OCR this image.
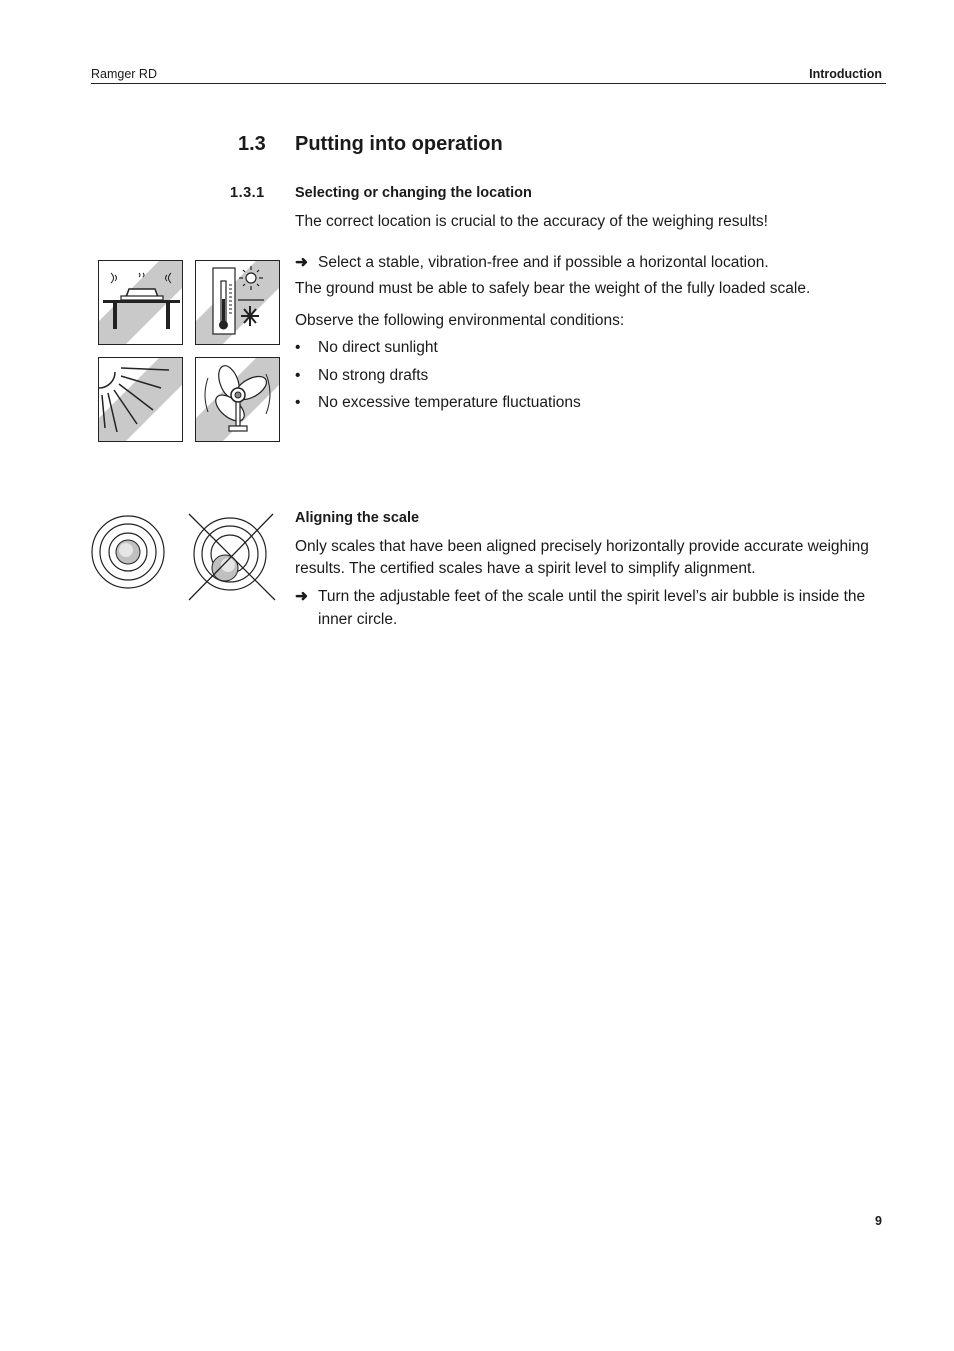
Ramger RD	Introduction
1.3 Putting into operation
1.3.1 Selecting or changing the location
The correct location is crucial to the accuracy of the weighing results!
➜ Select a stable, vibration-free and if possible a horizontal location.
The ground must be able to safely bear the weight of the fully loaded scale.
Observe the following environmental conditions:
• No direct sunlight
• No strong drafts
• No excessive temperature fluctuations
Aligning the scale
Only scales that have been aligned precisely horizontally provide accurate weighing results. The certified scales have a spirit level to simplify alignment.
➜ Turn the adjustable feet of the scale until the spirit level’s air bubble is inside the inner circle.
9
